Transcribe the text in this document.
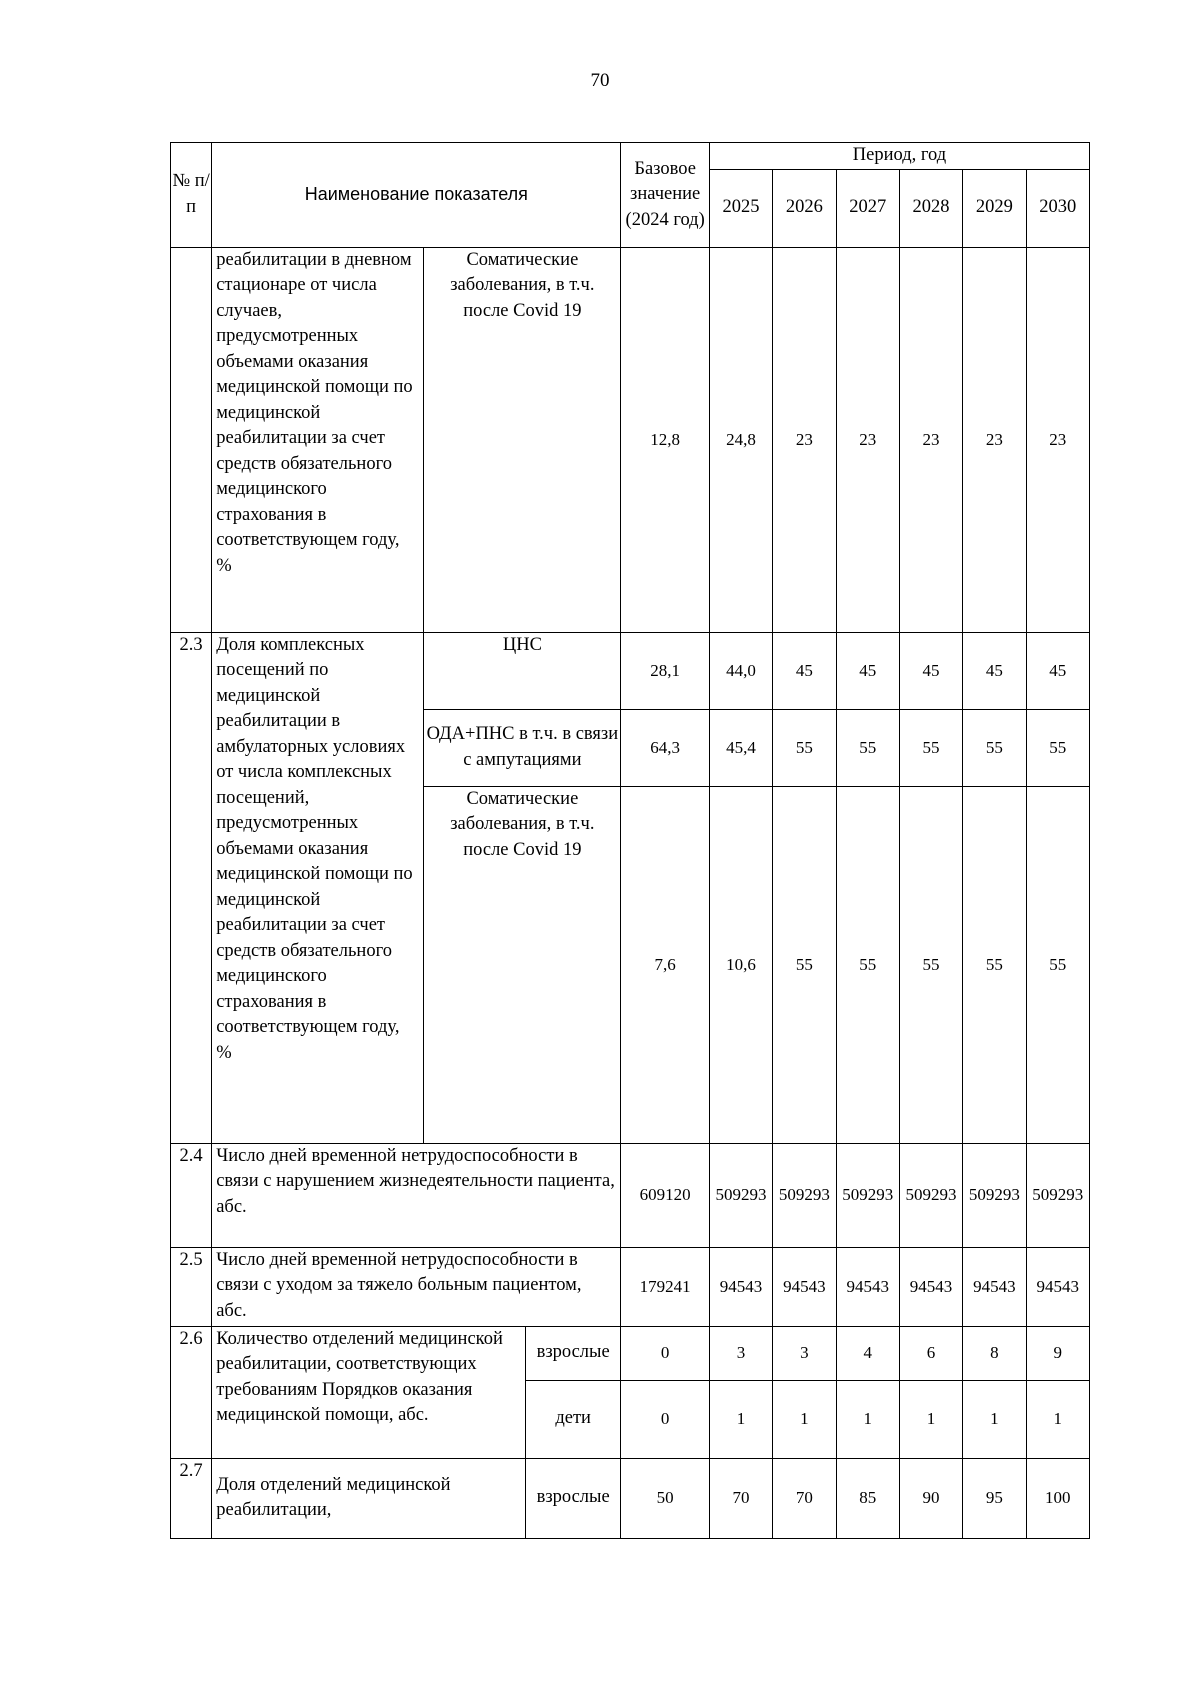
70
№ п/п	Наименование показателя			Базовое значение (2024 год)	Период, год					
					2025	2026	2027	2028	2029	2030
	реабилитации в дневном стационаре от числа случаев, предусмотренных объемами оказания медицинской помощи по медицинской реабилитации за счет средств обязательного медицинского страхования в соответствующем году, %	Соматические заболевания, в т.ч. после Covid 19		12,8	24,8	23	23	23	23	23
2.3	Доля комплексных посещений по медицинской реабилитации в амбулаторных условиях от числа комплексных посещений, предусмотренных объемами оказания медицинской помощи по медицинской реабилитации за счет средств обязательного медицинского страхования в соответствующем году, %	ЦНС		28,1	44,0	45	45	45	45	45
		ОДА+ПНС в т.ч. в связи с ампутациями		64,3	45,4	55	55	55	55	55
		Соматические заболевания, в т.ч. после Covid 19		7,6	10,6	55	55	55	55	55
2.4	Число дней временной нетрудоспособности в связи с нарушением жизнедеятельности пациента, абс.			609120	509293	509293	509293	509293	509293	509293
2.5	Число дней временной нетрудоспособности в связи с уходом за тяжело больным пациентом, абс.			179241	94543	94543	94543	94543	94543	94543
2.6	Количество отделений медицинской реабилитации, соответствующих требованиям Порядков оказания медицинской помощи, абс.		взрослые	0	3	3	4	6	8	9
			дети	0	1	1	1	1	1	1
2.7	Доля отделений медицинской реабилитации,		взрослые	50	70	70	85	90	95	100
